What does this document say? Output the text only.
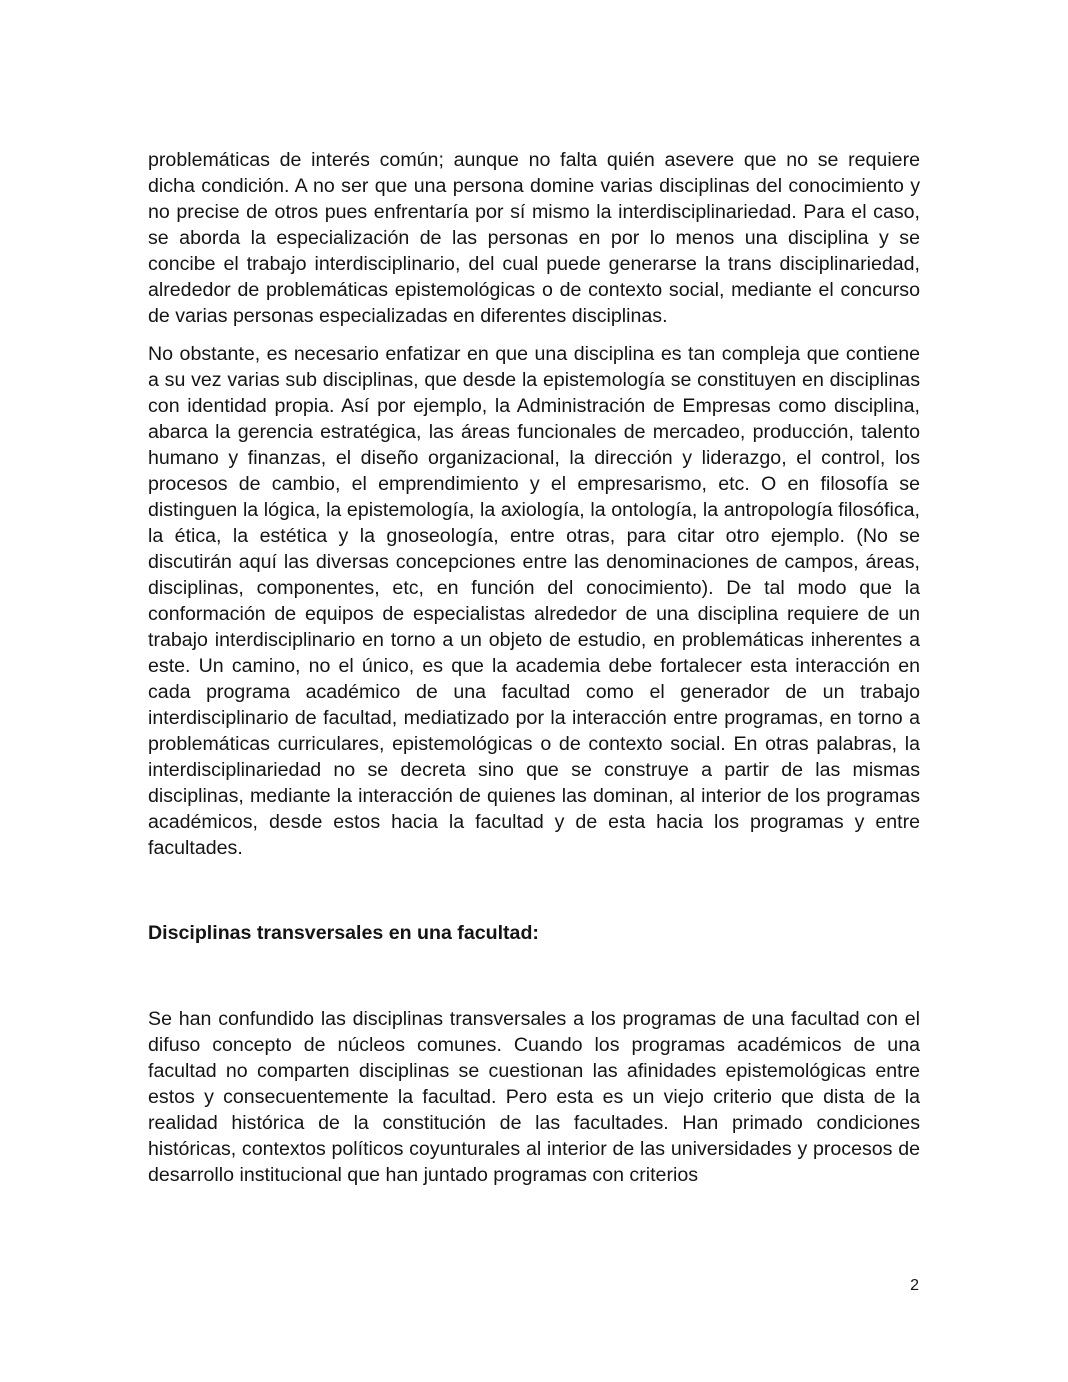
problemáticas de interés común; aunque no falta quién asevere que no se requiere dicha condición. A no ser que una persona domine varias disciplinas del conocimiento y no precise de otros pues enfrentaría por sí mismo la interdisciplinariedad. Para el caso, se aborda la especialización de las personas en por lo menos una disciplina y se concibe el trabajo interdisciplinario, del cual puede generarse la trans disciplinariedad, alrededor de problemáticas epistemológicas o de contexto social, mediante el concurso de varias personas especializadas en diferentes disciplinas.

No obstante, es necesario enfatizar en que una disciplina es tan compleja que contiene a su vez varias sub disciplinas, que desde la epistemología se constituyen en disciplinas con identidad propia. Así por ejemplo, la Administración de Empresas como disciplina, abarca la gerencia estratégica, las áreas funcionales de mercadeo, producción, talento humano y finanzas, el diseño organizacional, la dirección y liderazgo, el control, los procesos de cambio, el emprendimiento y el empresarismo, etc. O en filosofía se distinguen la lógica, la epistemología, la axiología, la ontología, la antropología filosófica, la ética, la estética y la gnoseología, entre otras, para citar otro ejemplo. (No se discutirán aquí las diversas concepciones entre las denominaciones de campos, áreas, disciplinas, componentes, etc, en función del conocimiento). De tal modo que la conformación de equipos de especialistas alrededor de una disciplina requiere de un trabajo interdisciplinario en torno a un objeto de estudio, en problemáticas inherentes a este. Un camino, no el único, es que la academia debe fortalecer esta interacción en cada programa académico de una facultad como el generador de un trabajo interdisciplinario de facultad, mediatizado por la interacción entre programas, en torno a problemáticas curriculares, epistemológicas o de contexto social. En otras palabras, la interdisciplinariedad no se decreta sino que se construye a partir de las mismas disciplinas, mediante la interacción de quienes las dominan, al interior de los programas académicos, desde estos hacia la facultad y de esta hacia los programas y entre facultades.

Disciplinas transversales en una facultad:

Se han confundido las disciplinas transversales a los programas de una facultad con el difuso concepto de núcleos comunes. Cuando los programas académicos de una facultad no comparten disciplinas se cuestionan las afinidades epistemológicas entre estos y consecuentemente la facultad. Pero esta es un viejo criterio que dista de la realidad histórica de la constitución de las facultades. Han primado condiciones históricas, contextos políticos coyunturales al interior de las universidades y procesos de desarrollo institucional que han juntado programas con criterios

2
